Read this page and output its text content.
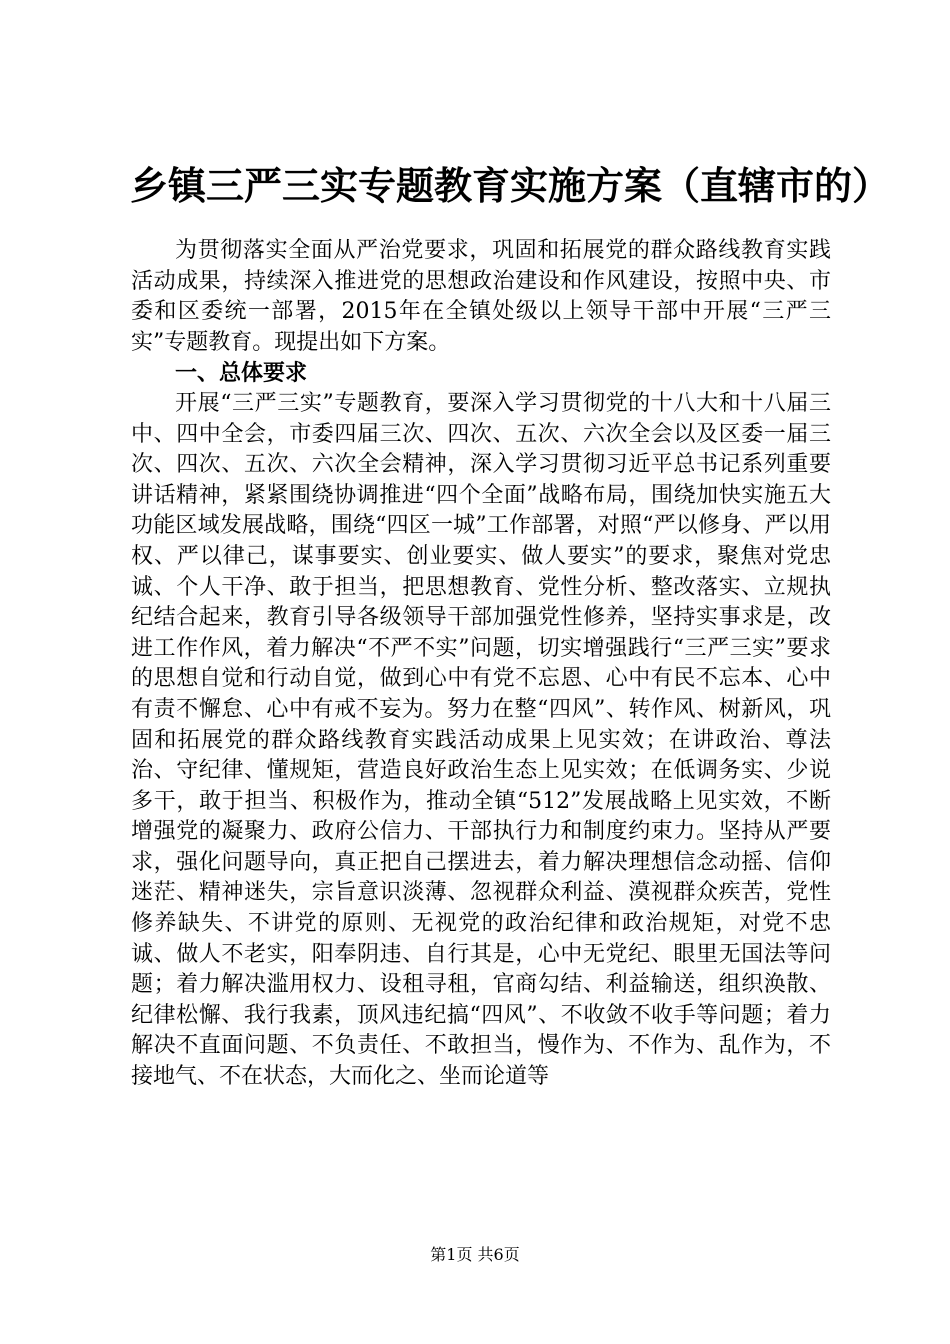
乡镇三严三实专题教育实施方案（直辖市的）

为贯彻落实全面从严治党要求，巩固和拓展党的群众路线教育实践活动成果，持续深入推进党的思想政治建设和作风建设，按照中央、市委和区委统一部署，2015年在全镇处级以上领导干部中开展“三严三实”专题教育。现提出如下方案。

一、总体要求

开展“三严三实”专题教育，要深入学习贯彻党的十八大和十八届三中、四中全会，市委四届三次、四次、五次、六次全会以及区委一届三次、四次、五次、六次全会精神，深入学习贯彻习近平总书记系列重要讲话精神，紧紧围绕协调推进“四个全面”战略布局，围绕加快实施五大功能区域发展战略，围绕“四区一城”工作部署，对照“严以修身、严以用权、严以律己，谋事要实、创业要实、做人要实”的要求，聚焦对党忠诚、个人干净、敢于担当，把思想教育、党性分析、整改落实、立规执纪结合起来，教育引导各级领导干部加强党性修养，坚持实事求是，改进工作作风，着力解决“不严不实”问题，切实增强践行“三严三实”要求的思想自觉和行动自觉，做到心中有党不忘恩、心中有民不忘本、心中有责不懈怠、心中有戒不妄为。努力在整“四风”、转作风、树新风，巩固和拓展党的群众路线教育实践活动成果上见实效；在讲政治、尊法治、守纪律、懂规矩，营造良好政治生态上见实效；在低调务实、少说多干，敢于担当、积极作为，推动全镇“512”发展战略上见实效，不断增强党的凝聚力、政府公信力、干部执行力和制度约束力。坚持从严要求，强化问题导向，真正把自己摆进去，着力解决理想信念动摇、信仰迷茫、精神迷失，宗旨意识淡薄、忽视群众利益、漠视群众疾苦，党性修养缺失、不讲党的原则、无视党的政治纪律和政治规矩，对党不忠诚、做人不老实，阳奉阴违、自行其是，心中无党纪、眼里无国法等问题；着力解决滥用权力、设租寻租，官商勾结、利益输送，组织涣散、纪律松懈、我行我素，顶风违纪搞“四风”、不收敛不收手等问题；着力解决不直面问题、不负责任、不敢担当，慢作为、不作为、乱作为，不接地气、不在状态，大而化之、坐而论道等

第1页 共6页
